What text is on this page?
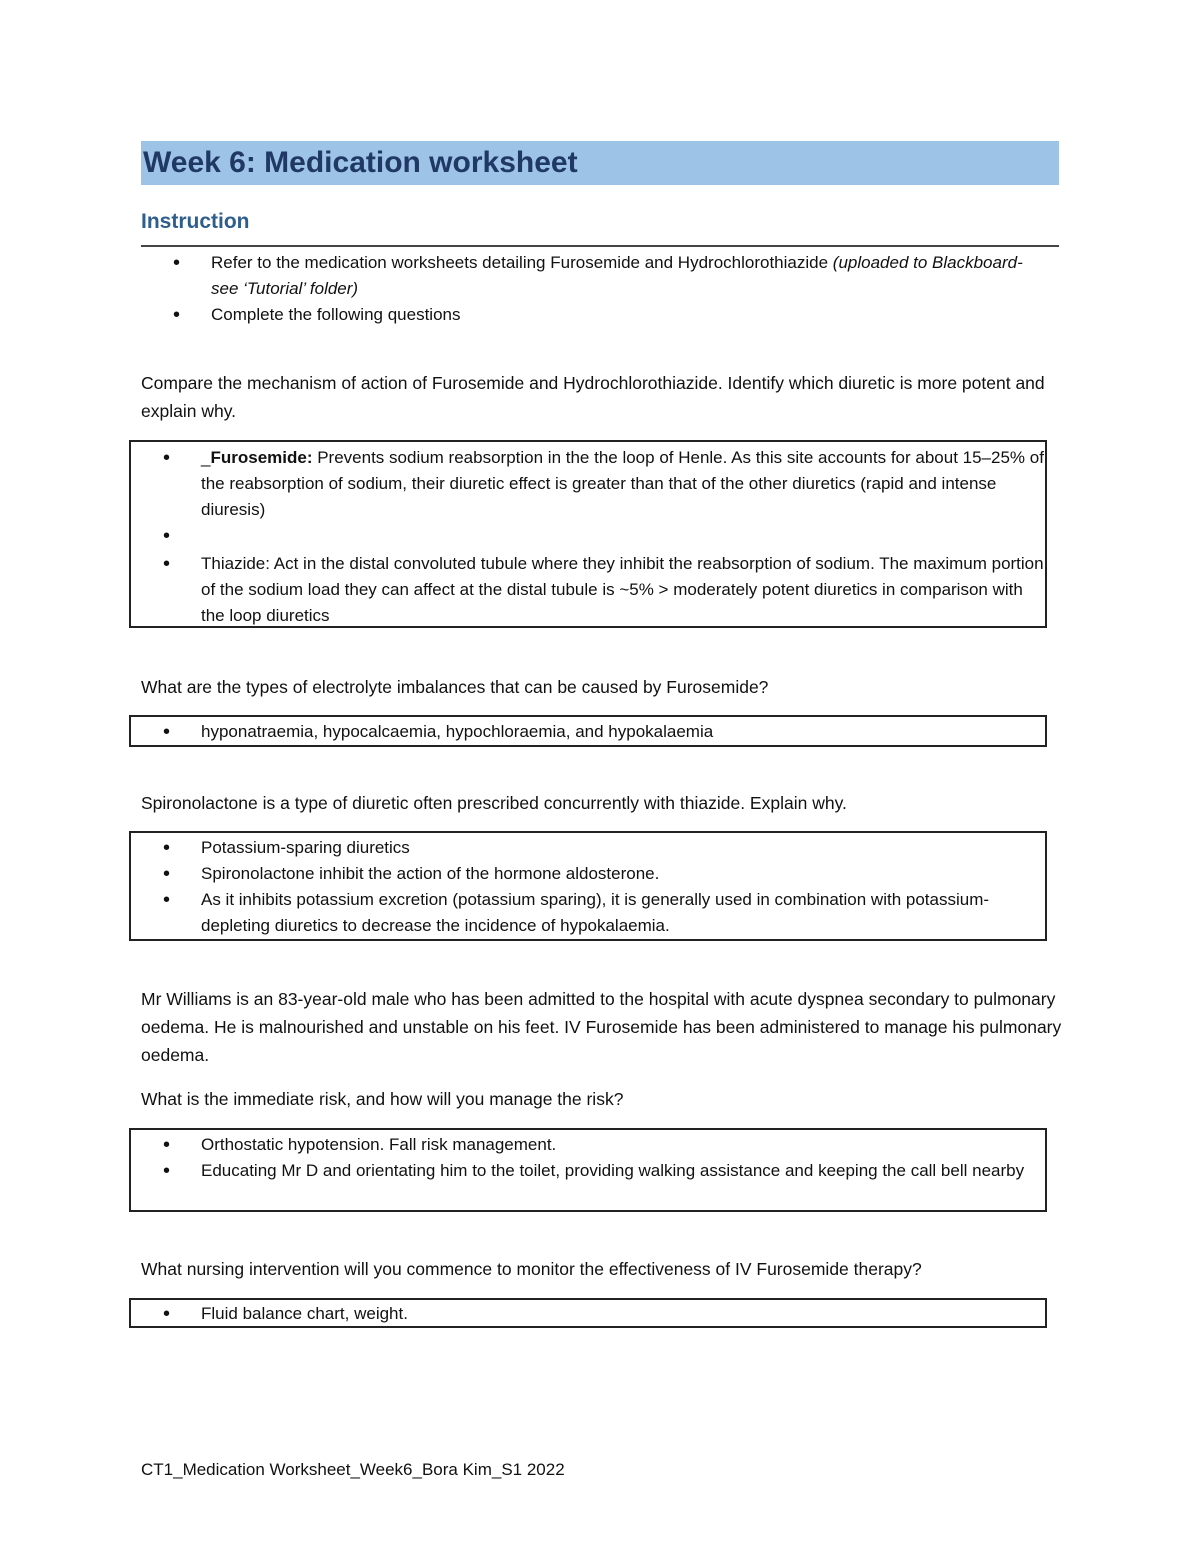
Week 6: Medication worksheet
Instruction
• Refer to the medication worksheets detailing Furosemide and Hydrochlorothiazide (uploaded to Blackboard- see ‘Tutorial’ folder)
• Complete the following questions

Compare the mechanism of action of Furosemide and Hydrochlorothiazide. Identify which diuretic is more potent and explain why.

• _Furosemide: Prevents sodium reabsorption in the the loop of Henle. As this site accounts for about 15–25% of the reabsorption of sodium, their diuretic effect is greater than that of the other diuretics (rapid and intense diuresis)
•
• Thiazide: Act in the distal convoluted tubule where they inhibit the reabsorption of sodium. The maximum portion of the sodium load they can affect at the distal tubule is ~5% > moderately potent diuretics in comparison with the loop diuretics

What are the types of electrolyte imbalances that can be caused by Furosemide?

• hyponatraemia, hypocalcaemia, hypochloraemia, and hypokalaemia

Spironolactone is a type of diuretic often prescribed concurrently with thiazide. Explain why.

• Potassium-sparing diuretics
• Spironolactone inhibit the action of the hormone aldosterone.
• As it inhibits potassium excretion (potassium sparing), it is generally used in combination with potassium-depleting diuretics to decrease the incidence of hypokalaemia.

Mr Williams is an 83-year-old male who has been admitted to the hospital with acute dyspnea secondary to pulmonary oedema. He is malnourished and unstable on his feet. IV Furosemide has been administered to manage his pulmonary oedema.

What is the immediate risk, and how will you manage the risk?

• Orthostatic hypotension. Fall risk management.
• Educating Mr D and orientating him to the toilet, providing walking assistance and keeping the call bell nearby

What nursing intervention will you commence to monitor the effectiveness of IV Furosemide therapy?

• Fluid balance chart, weight.
CT1_Medication Worksheet_Week6_Bora Kim_S1 2022
